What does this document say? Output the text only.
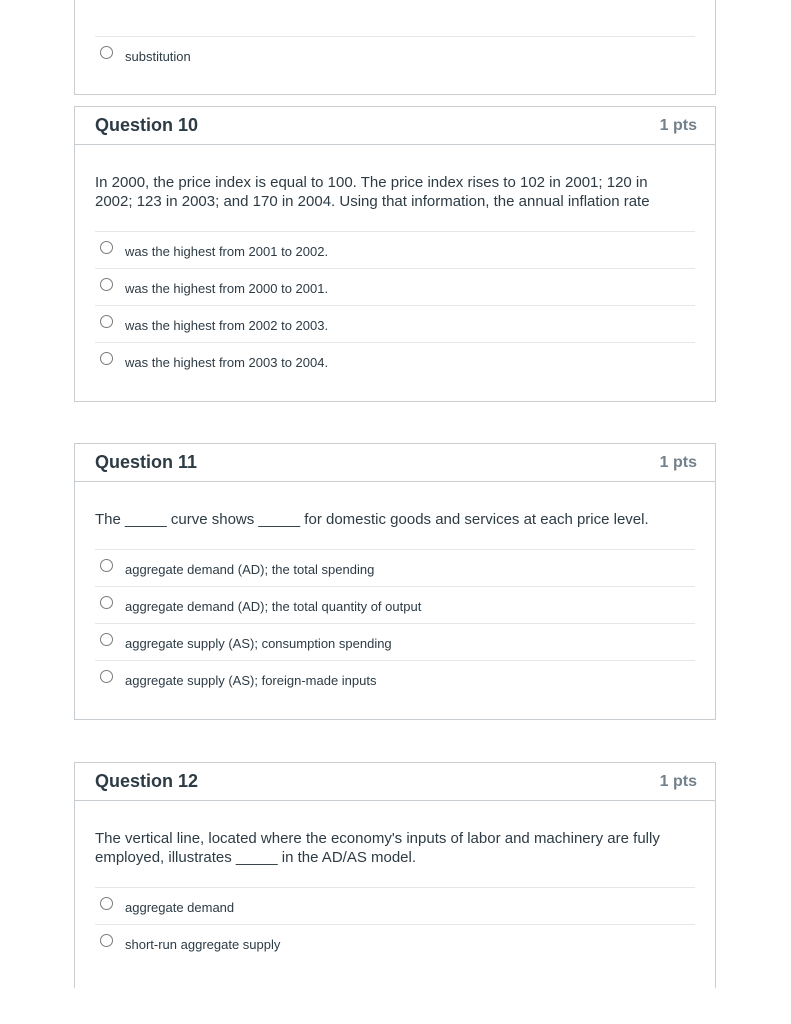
substitution
Question 10	1 pts

In 2000, the price index is equal to 100. The price index rises to 102 in 2001; 120 in 2002; 123 in 2003; and 170 in 2004. Using that information, the annual inflation rate

was the highest from 2001 to 2002.
was the highest from 2000 to 2001.
was the highest from 2002 to 2003.
was the highest from 2003 to 2004.
Question 11	1 pts

The _____ curve shows _____ for domestic goods and services at each price level.

aggregate demand (AD); the total spending
aggregate demand (AD); the total quantity of output
aggregate supply (AS); consumption spending
aggregate supply (AS); foreign-made inputs
Question 12	1 pts

The vertical line, located where the economy's inputs of labor and machinery are fully employed, illustrates _____ in the AD/AS model.

aggregate demand
short-run aggregate supply
